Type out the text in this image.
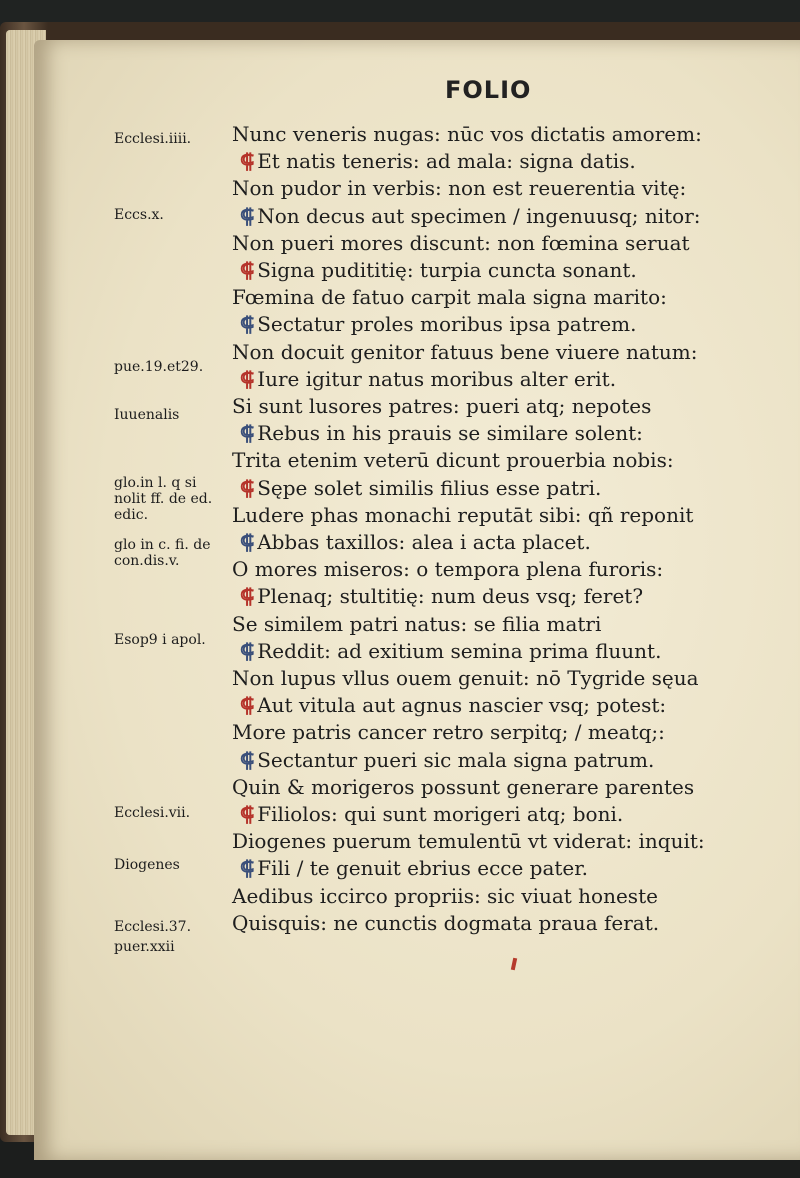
FOLIO
Ecclesi.iiii.
Eccs.x.
pue.19.et29.
Iuuenalis
glo.in l. q si
nolit ff. de ed.
edic.
glo in c. fi. de
con.dis.v.
Esop9 i apol.
Ecclesi.vii.
Diogenes
Ecclesi.37.
puer.xxii
Nunc veneris nugas: nūc vos dictatis amorem:
⸿ Et natis teneris: ad mala: signa datis.
Non pudor in verbis: non est reuerentia vitę:
⸿ Non decus aut specimen / ingenuusq; nitor:
Non pueri mores discunt: non fœmina seruat
⸿ Signa pudititię: turpia cuncta sonant.
Fœmina de fatuo carpit mala signa marito:
⸿ Sectatur proles moribus ipsa patrem.
Non docuit genitor fatuus bene viuere natum:
⸿ Iure igitur natus moribus alter erit.
Si sunt lusores patres: pueri atq; nepotes
⸿ Rebus in his prauis se similare solent:
Trita etenim veterū dicunt prouerbia nobis:
⸿ Sępe solet similis filius esse patri.
Ludere phas monachi reputāt sibi: qñ reponit
⸿ Abbas taxillos: alea i acta placet.
O mores miseros: o tempora plena furoris:
⸿ Plenaq; stultitię: num deus vsq; feret?
Se similem patri natus: se filia matri
⸿ Reddit: ad exitium semina prima fluunt.
Non lupus vllus ouem genuit: nō Tygride sęua
⸿ Aut vitula aut agnus nascier vsq; potest:
More patris cancer retro serpitq; / meatq;:
⸿ Sectantur pueri sic mala signa patrum.
Quin & morigeros possunt generare parentes
⸿ Filiolos: qui sunt morigeri atq; boni.
Diogenes puerum temulentū vt viderat: inquit:
⸿ Fili / te genuit ebrius ecce pater.
Aedibus iccirco propriis: sic viuat honeste
Quisquis: ne cunctis dogmata praua ferat.
